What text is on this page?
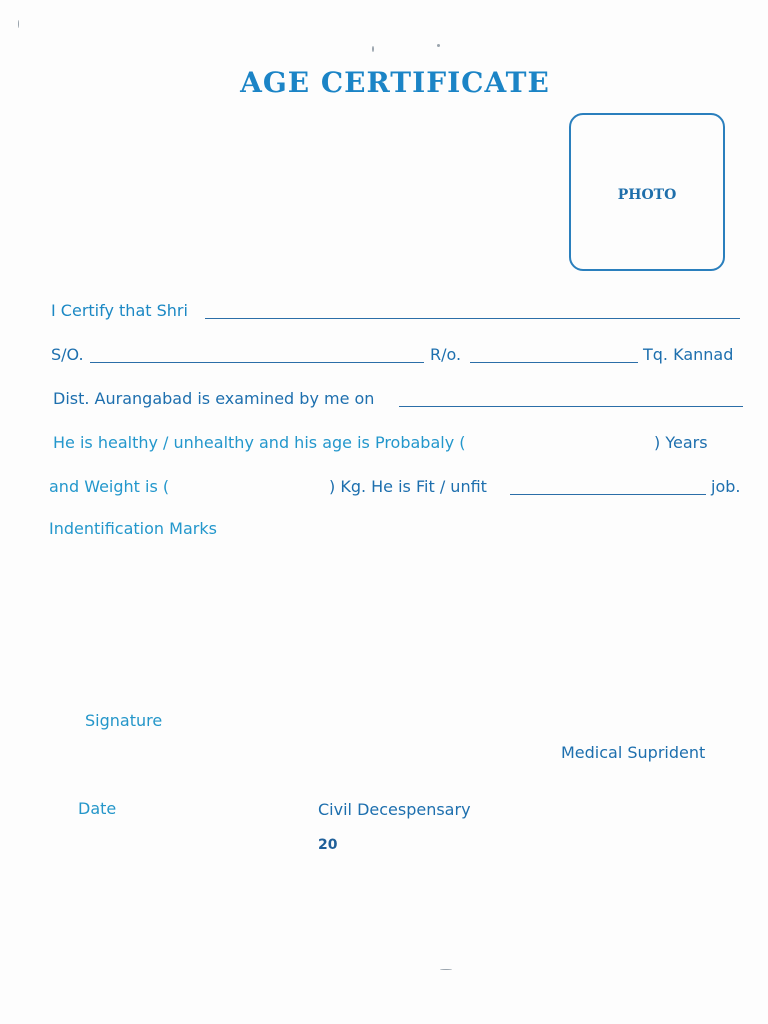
AGE CERTIFICATE
PHOTO
I Certify that Shri
S/O.	R/o.	Tq. Kannad
Dist. Aurangabad is examined by me on
He is healthy / unhealthy and his age is Probabaly (	) Years
and Weight is (	) Kg. He is Fit / unfit	job.
Indentification Marks
Signature
Medical Suprident
Date	Civil Decespensary
20
